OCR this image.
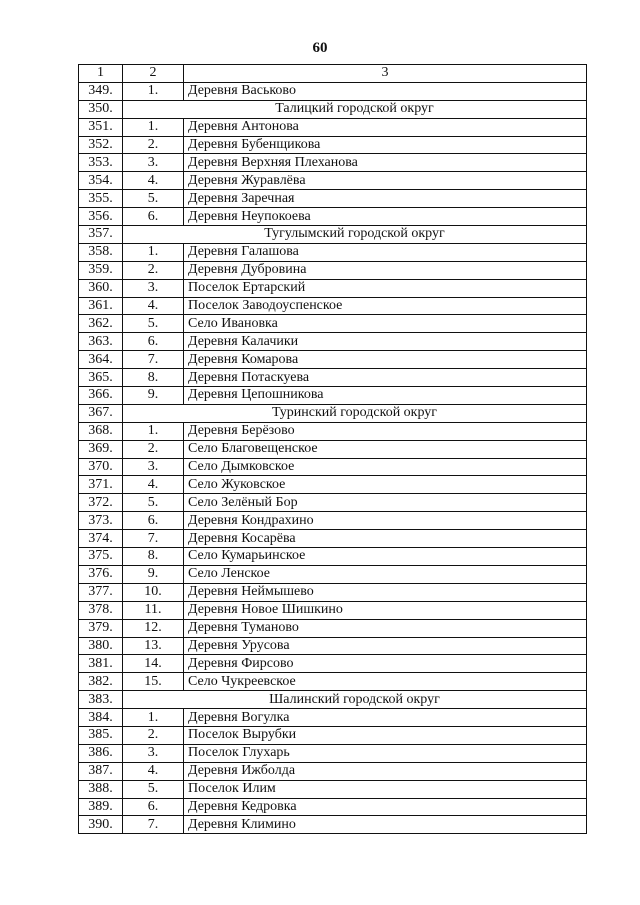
60
1	2	3
349.	1.	Деревня Васьково
350.	Талицкий городской округ	
351.	1.	Деревня Антонова
352.	2.	Деревня Бубенщикова
353.	3.	Деревня Верхняя Плеханова
354.	4.	Деревня Журавлёва
355.	5.	Деревня Заречная
356.	6.	Деревня Неупокоева
357.	Тугулымский городской округ	
358.	1.	Деревня Галашова
359.	2.	Деревня Дубровина
360.	3.	Поселок Ертарский
361.	4.	Поселок Заводоуспенское
362.	5.	Село Ивановка
363.	6.	Деревня Калачики
364.	7.	Деревня Комарова
365.	8.	Деревня Потаскуева
366.	9.	Деревня Цепошникова
367.	Туринский городской округ	
368.	1.	Деревня Берёзово
369.	2.	Село Благовещенское
370.	3.	Село Дымковское
371.	4.	Село Жуковское
372.	5.	Село Зелёный Бор
373.	6.	Деревня Кондрахино
374.	7.	Деревня Косарёва
375.	8.	Село Кумарьинское
376.	9.	Село Ленское
377.	10.	Деревня Неймышево
378.	11.	Деревня Новое Шишкино
379.	12.	Деревня Туманово
380.	13.	Деревня Урусова
381.	14.	Деревня Фирсово
382.	15.	Село Чукреевское
383.	Шалинский городской округ	
384.	1.	Деревня Вогулка
385.	2.	Поселок Вырубки
386.	3.	Поселок Глухарь
387.	4.	Деревня Ижболда
388.	5.	Поселок Илим
389.	6.	Деревня Кедровка
390.	7.	Деревня Климино
